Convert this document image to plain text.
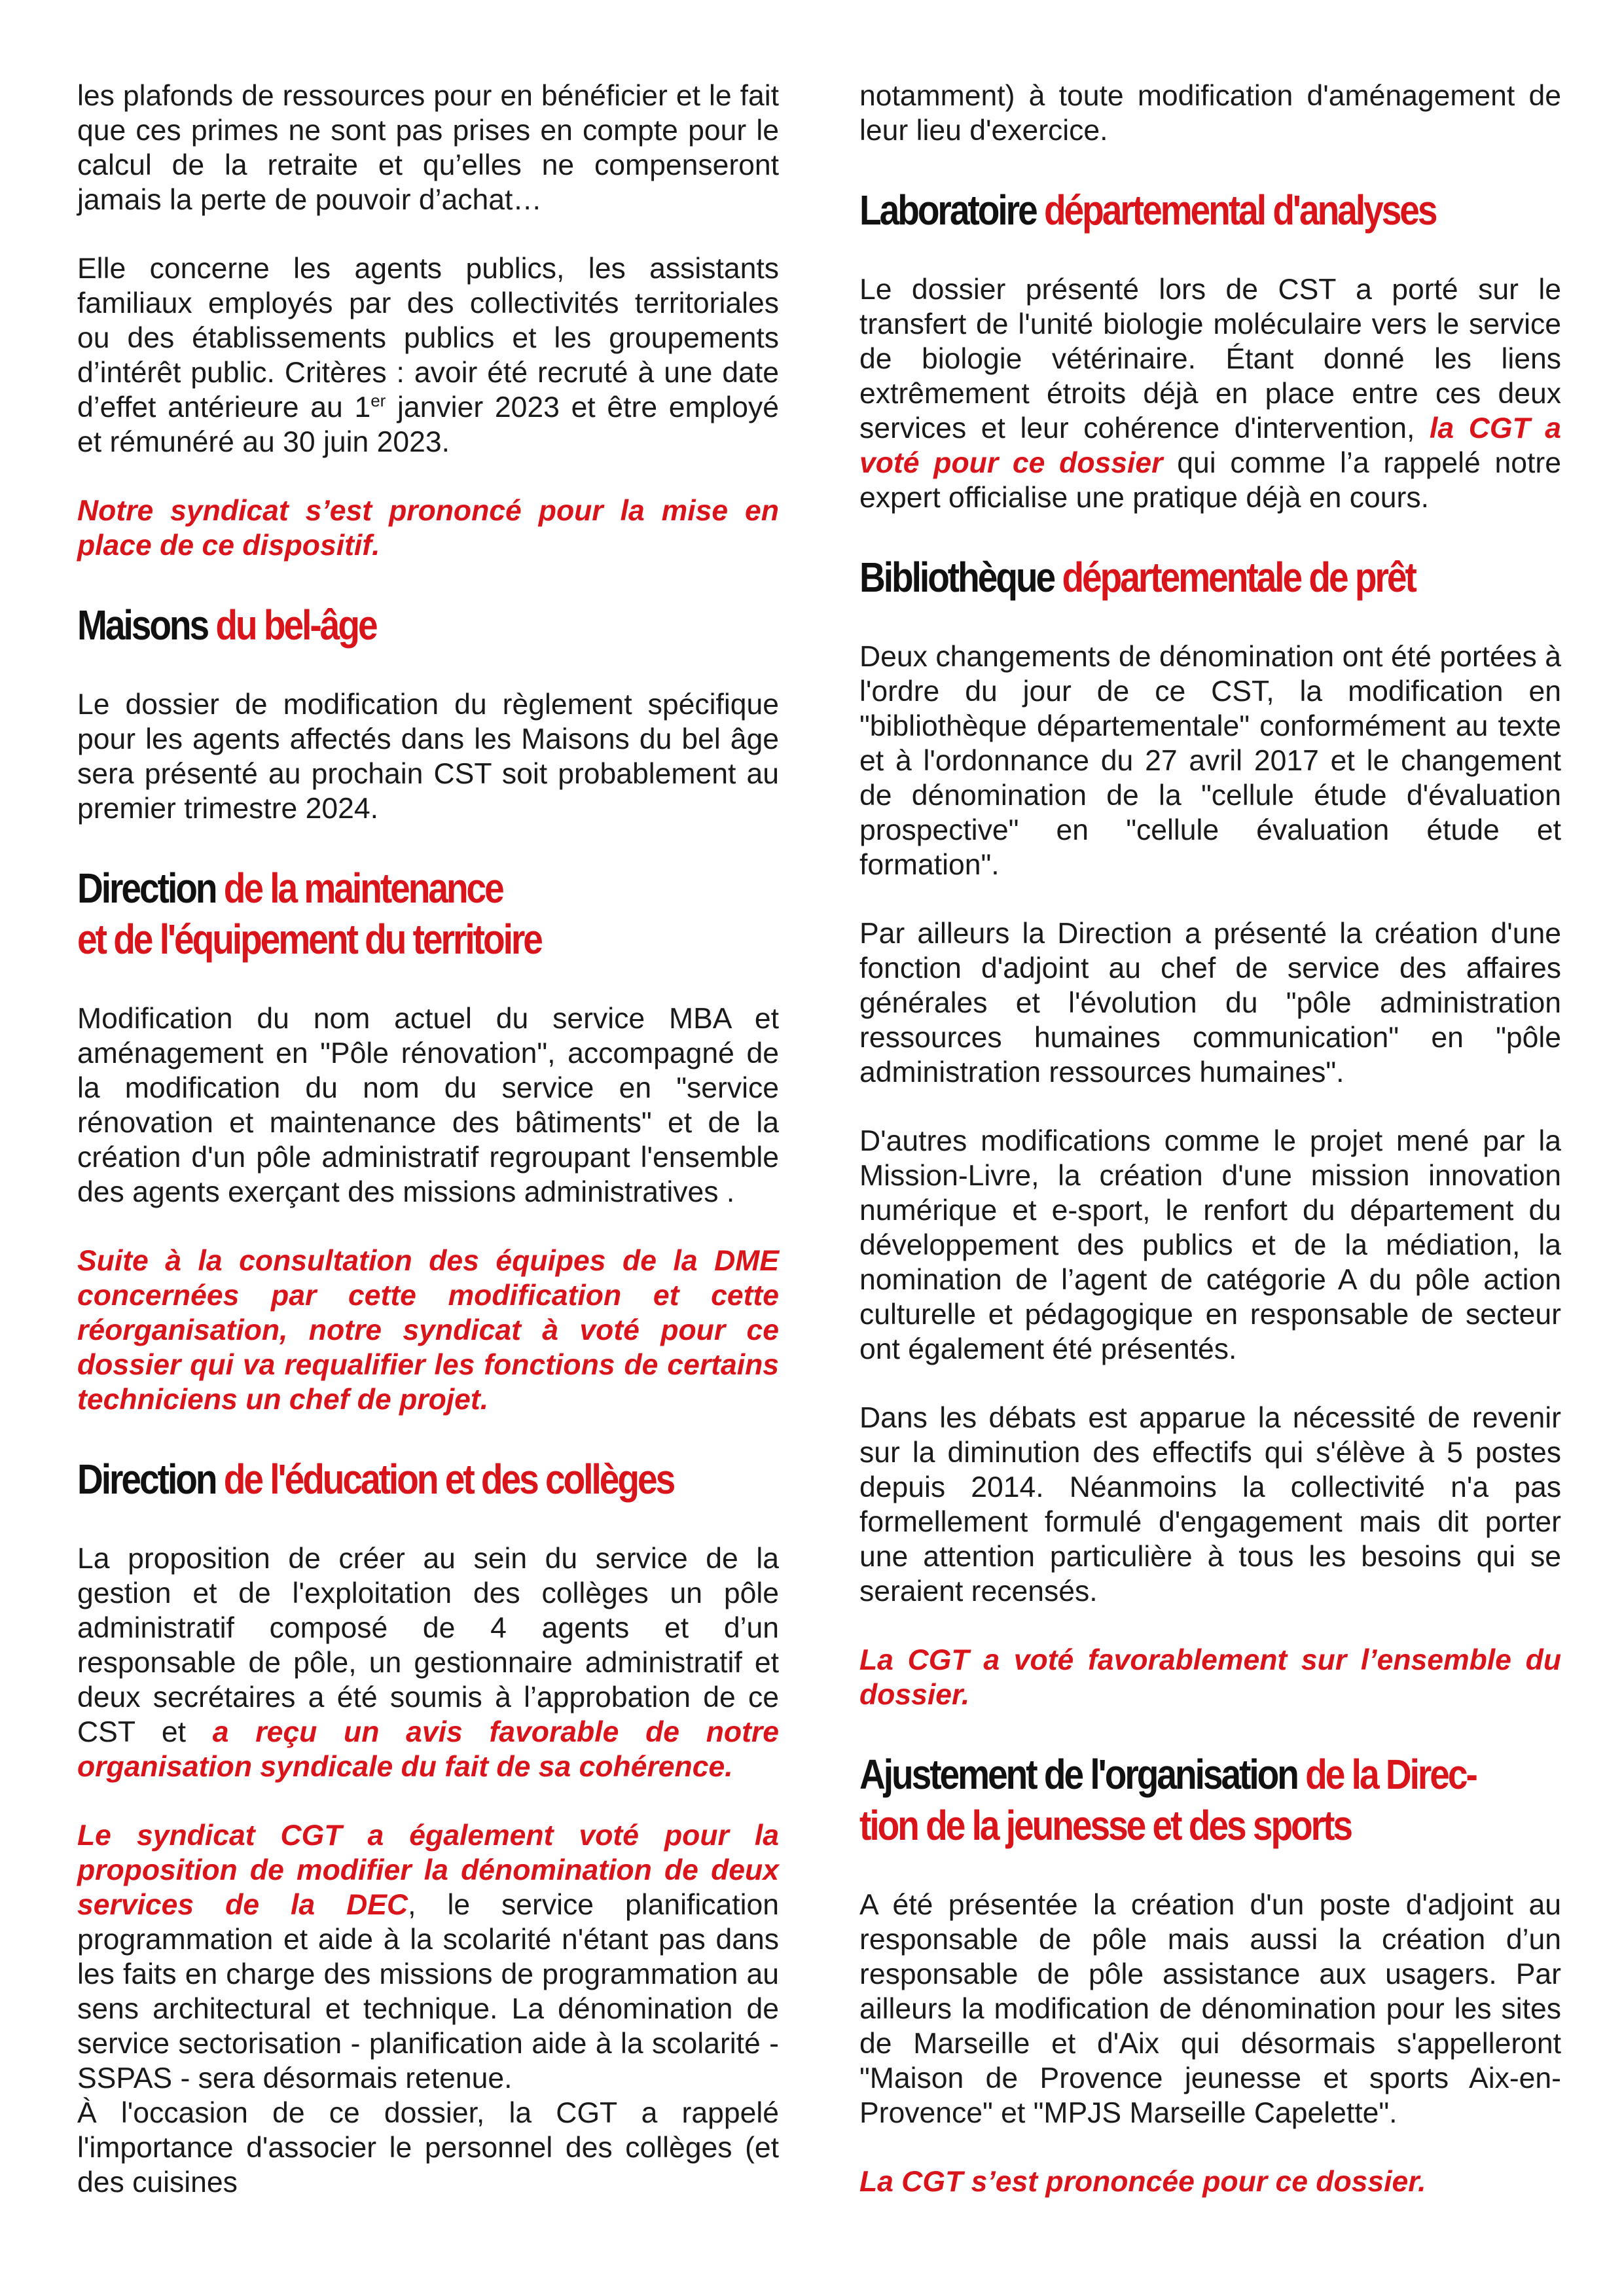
les plafonds de ressources pour en bénéficier et le fait que ces primes ne sont pas prises en compte pour le calcul de la retraite et qu’elles ne compenseront jamais la perte de pouvoir d’achat…

Elle concerne les agents publics, les assistants familiaux employés par des collectivités territoriales ou des établissements publics et les groupements d’intérêt public. Critères : avoir été recruté à une date d’effet antérieure au 1er janvier 2023 et être employé et rémunéré au 30 juin 2023.

Notre syndicat s’est prononcé pour la mise en place de ce dispositif.

Maisons du bel-âge

Le dossier de modification du règlement spécifique pour les agents affectés dans les Maisons du bel âge sera présenté au prochain CST soit probablement au premier trimestre 2024.

Direction de la maintenance
et de l'équipement du territoire

Modification du nom actuel du service MBA et aménagement en "Pôle rénovation", accompagné de la modification du nom du service en "service rénovation et maintenance des bâtiments" et de la création d'un pôle administratif regroupant l'ensemble des agents exerçant des missions administratives .

Suite à la consultation des équipes de la DME concernées par cette modification et cette réorganisation, notre syndicat à voté pour ce dossier qui va requalifier les fonctions de certains techniciens un chef de projet.

Direction de l'éducation et des collèges

La proposition de créer au sein du service de la gestion et de l'exploitation des collèges un pôle administratif composé de 4 agents et d’un responsable de pôle, un gestionnaire administratif et deux secrétaires a été soumis à l’approbation de ce CST et a reçu un avis favorable de notre organisation syndicale du fait de sa cohérence.

Le syndicat CGT a également voté pour la proposition de modifier la dénomination de deux services de la DEC, le service planification programmation et aide à la scolarité n'étant pas dans les faits en charge des missions de programmation au sens architectural et technique. La dénomination de service sectorisation - planification aide à la scolarité - SSPAS - sera désormais retenue.

À l'occasion de ce dossier, la CGT a rappelé l'importance d'associer le personnel des collèges (et des cuisines

notamment) à toute modification d'aménagement de leur lieu d'exercice.

Laboratoire départemental d'analyses

Le dossier présenté lors de CST a porté sur le transfert de l'unité biologie moléculaire vers le service de biologie vétérinaire. Étant donné les liens extrêmement étroits déjà en place entre ces deux services et leur cohérence d'intervention, la CGT a voté pour ce dossier qui comme l’a rappelé notre expert officialise une pratique déjà en cours.

Bibliothèque départementale de prêt

Deux changements de dénomination ont été portées à l'ordre du jour de ce CST, la modification en "bibliothèque départementale" conformément au texte et à l'ordonnance du 27 avril 2017 et le changement de dénomination de la "cellule étude d'évaluation prospective" en "cellule évaluation étude et formation".

Par ailleurs la Direction a présenté la création d'une fonction d'adjoint au chef de service des affaires générales et l'évolution du "pôle administration ressources humaines communication" en "pôle administration ressources humaines".

D'autres modifications comme le projet mené par la Mission-Livre, la création d'une mission innovation numérique et e-sport, le renfort du département du développement des publics et de la médiation, la nomination de l’agent de catégorie A du pôle action culturelle et pédagogique en responsable de secteur ont également été présentés.

Dans les débats est apparue la nécessité de revenir sur la diminution des effectifs qui s'élève à 5 postes depuis 2014. Néanmoins la collectivité n'a pas formellement formulé d'engagement mais dit porter une attention particulière à tous les besoins qui se seraient recensés.

La CGT a voté favorablement sur l’ensemble du dossier.

Ajustement de l'organisation de la Direc-
tion de la jeunesse et des sports

A été présentée la création d'un poste d'adjoint au responsable de pôle mais aussi la création d’un responsable de pôle assistance aux usagers. Par ailleurs la modification de dénomination pour les sites de Marseille et d'Aix qui désormais s'appelleront "Maison de Provence jeunesse et sports Aix-en-Provence" et "MPJS Marseille Capelette".

La CGT s’est prononcée pour ce dossier.
